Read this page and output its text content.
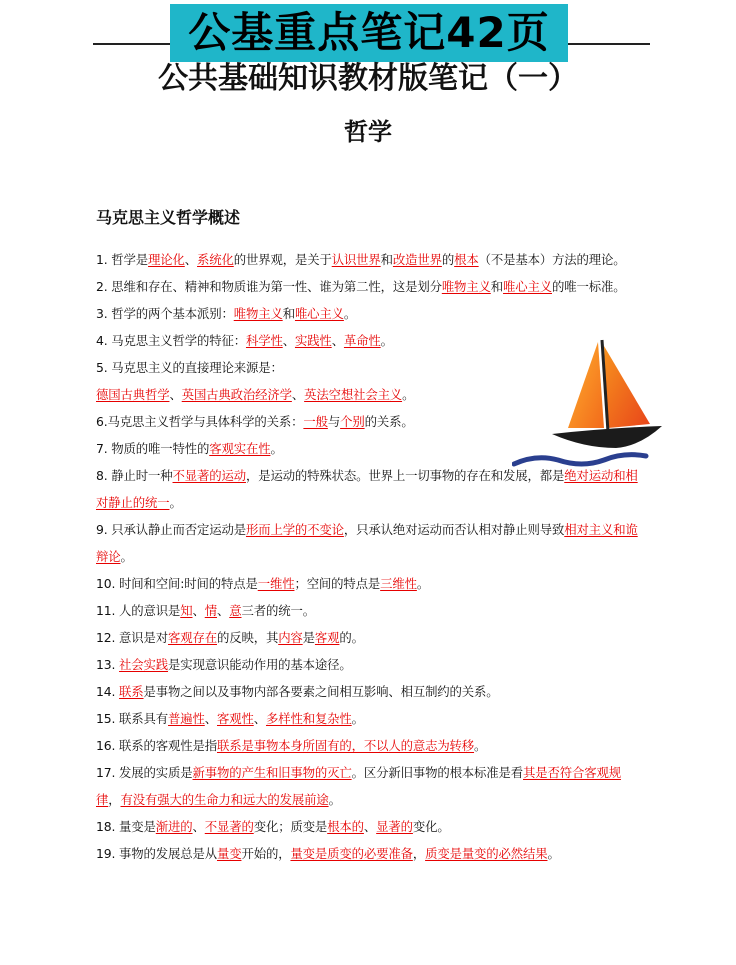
公基重点笔记42页
公共基础知识教材版笔记（一）
哲学
马克思主义哲学概述

1. 哲学是理论化、系统化的世界观，是关于认识世界和改造世界的根本（不是基本）方法的理论。

2. 思维和存在、精神和物质谁为第一性、谁为第二性，这是划分唯物主义和唯心主义的唯一标准。

3. 哲学的两个基本派别：唯物主义和唯心主义。

4. 马克思主义哲学的特征：科学性、实践性、革命性。

5. 马克思主义的直接理论来源是：
德国古典哲学、英国古典政治经济学、英法空想社会主义。

6.马克思主义哲学与具体科学的关系：一般与个别的关系。

7. 物质的唯一特性的客观实在性。

8. 静止时一种不显著的运动，是运动的特殊状态。世界上一切事物的存在和发展，都是绝对运动和相对静止的统一。

9. 只承认静止而否定运动是形而上学的不变论，只承认绝对运动而否认相对静止则导致相对主义和诡辩论。

10. 时间和空间:时间的特点是一维性；空间的特点是三维性。

11. 人的意识是知、情、意三者的统一。

12. 意识是对客观存在的反映，其内容是客观的。

13. 社会实践是实现意识能动作用的基本途径。

14. 联系是事物之间以及事物内部各要素之间相互影响、相互制约的关系。

15. 联系具有普遍性、客观性、多样性和复杂性。

16. 联系的客观性是指联系是事物本身所固有的，不以人的意志为转移。

17. 发展的实质是新事物的产生和旧事物的灭亡。区分新旧事物的根本标准是看其是否符合客观规律，有没有强大的生命力和远大的发展前途。

18. 量变是渐进的、不显著的变化；质变是根本的、显著的变化。

19. 事物的发展总是从量变开始的，量变是质变的必要准备，质变是量变的必然结果。
